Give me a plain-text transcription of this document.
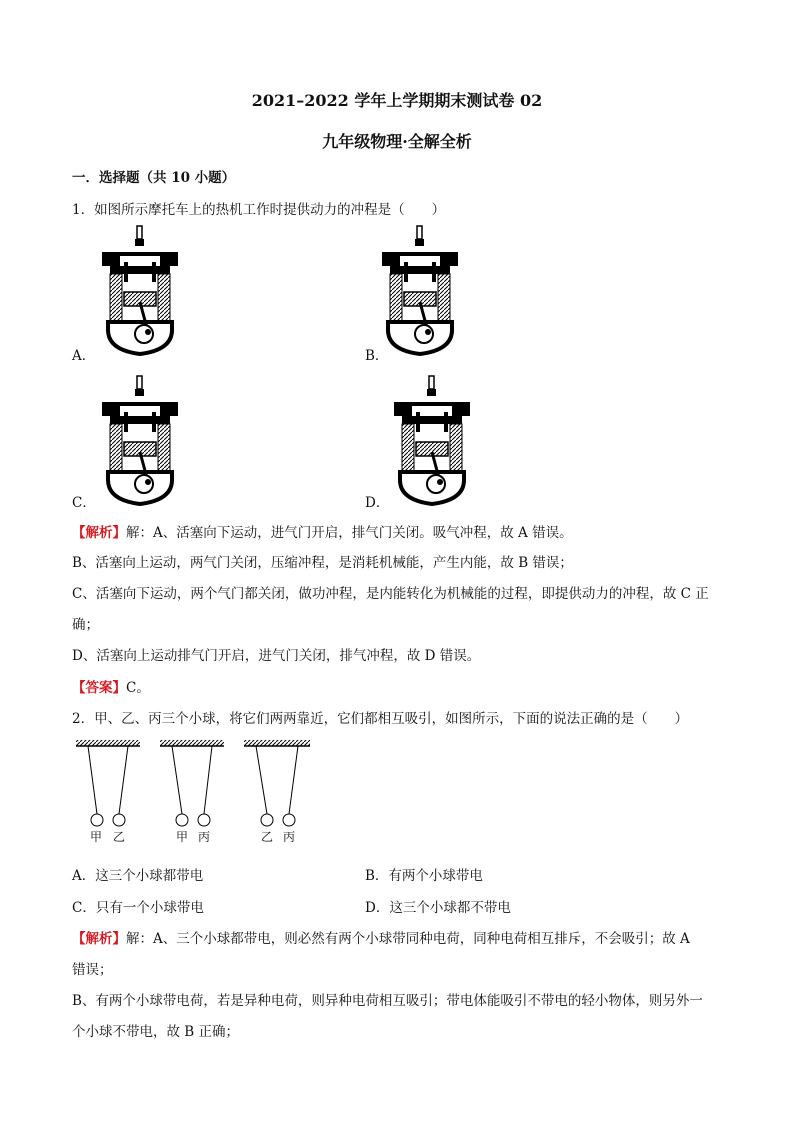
2021–2022 学年上学期期末测试卷 02
九年级物理·全解全析
一．选择题（共 10 小题）
1．如图所示摩托车上的热机工作时提供动力的冲程是（　　）
A．	B．
C．	D．
【解析】解：A、活塞向下运动，进气门开启，排气门关闭。吸气冲程，故 A 错误。
B、活塞向上运动，两气门关闭，压缩冲程，是消耗机械能，产生内能，故 B 错误；
C、活塞向下运动，两个气门都关闭，做功冲程，是内能转化为机械能的过程，即提供动力的冲程，故 C 正
确；
D、活塞向上运动排气门开启，进气门关闭，排气冲程，故 D 错误。
【答案】C。
2．甲、乙、丙三个小球，将它们两两靠近，它们都相互吸引，如图所示，下面的说法正确的是（　　）
甲 乙	甲 丙	乙 丙
A．这三个小球都带电	B．有两个小球带电
C．只有一个小球带电	D．这三个小球都不带电
【解析】解：A、三个小球都带电，则必然有两个小球带同种电荷，同种电荷相互排斥，不会吸引；故 A
错误；
B、有两个小球带电荷，若是异种电荷，则异种电荷相互吸引；带电体能吸引不带电的轻小物体，则另外一
个小球不带电，故 B 正确；
